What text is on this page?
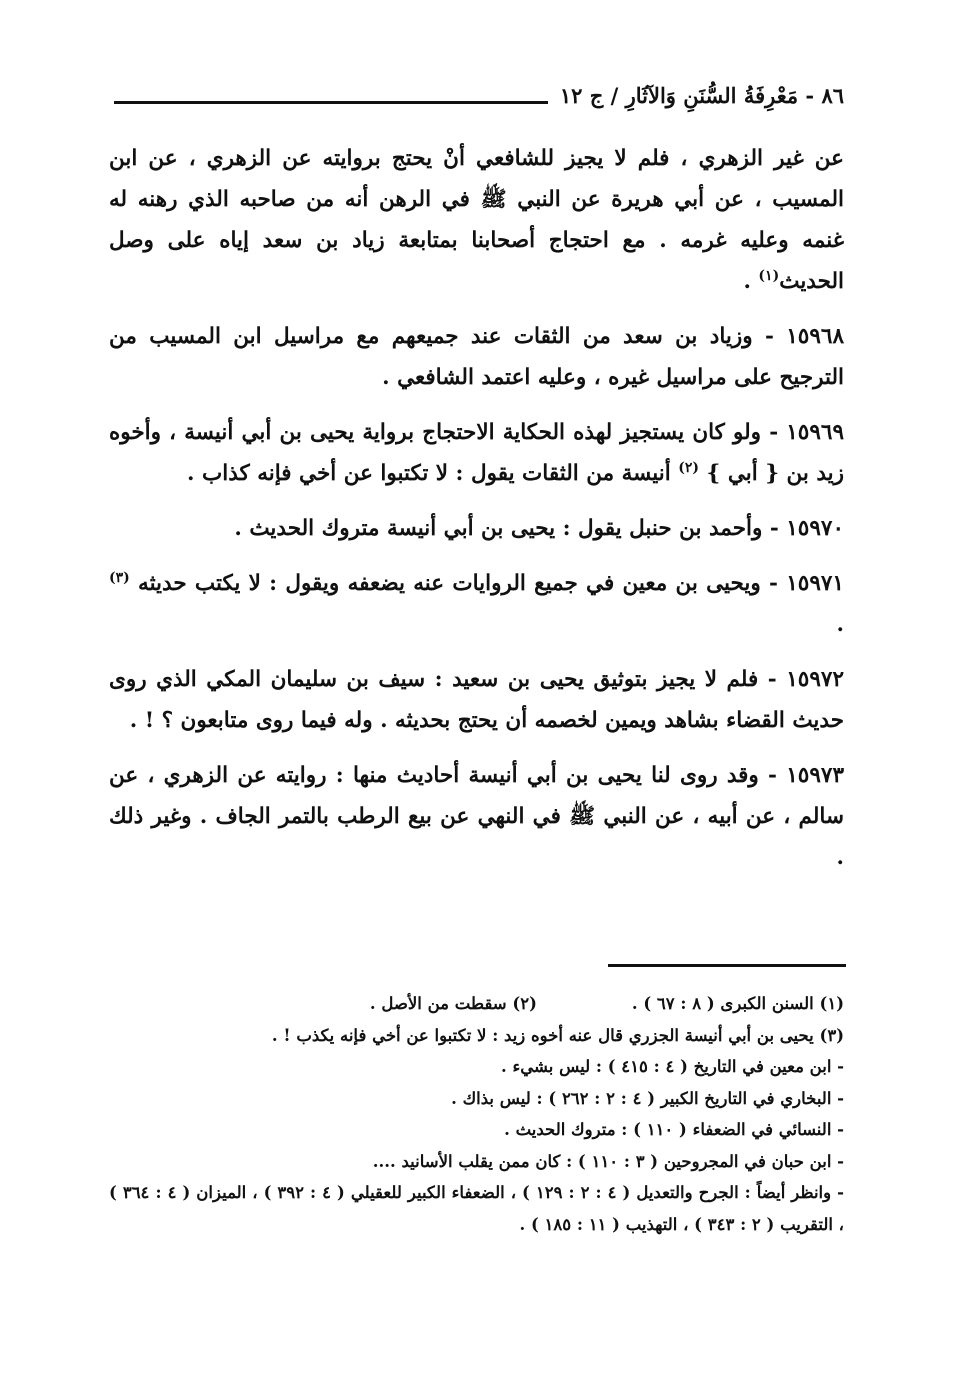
٨٦ - مَعْرِفَةُ السُّنَنِ وَالآثَارِ / ج ١٢

عن غير الزهري ، فلم لا يجيز للشافعي أنْ يحتج بروايته عن الزهري ، عن ابن المسيب ، عن أبي هريرة عن النبي ﷺ في الرهن أنه من صاحبه الذي رهنه له غنمه وعليه غرمه . مع احتجاج أصحابنا بمتابعة زياد بن سعد إياه على وصل الحديث$^{(١)}$ .

١٥٩٦٨ - وزياد بن سعد من الثقات عند جميعهم مع مراسيل ابن المسيب من الترجيح على مراسيل غيره ، وعليه اعتمد الشافعي .

١٥٩٦٩ - ولو كان يستجيز لهذه الحكاية الاحتجاج برواية يحيى بن أبي أنيسة ، وأخوه زيد بن { أبي } $^{(٢)}$ أنيسة من الثقات يقول : لا تكتبوا عن أخي فإنه كذاب .

١٥٩٧٠ - وأحمد بن حنبل يقول : يحيى بن أبي أنيسة متروك الحديث .

١٥٩٧١ - ويحيى بن معين في جميع الروايات عنه يضعفه ويقول : لا يكتب حديثه $^{(٣)}$ .

١٥٩٧٢ - فلم لا يجيز بتوثيق يحيى بن سعيد : سيف بن سليمان المكي الذي روى حديث القضاء بشاهد ويمين لخصمه أن يحتج بحديثه . وله فيما روى متابعون ؟ ! .

١٥٩٧٣ - وقد روى لنا يحيى بن أبي أنيسة أحاديث منها : روايته عن الزهري ، عن سالم ، عن أبيه ، عن النبي ﷺ في النهي عن بيع الرطب بالتمر الجاف . وغير ذلك .

(١) السنن الكبرى ( ٨ : ٦٧ ) .
(٢) سقطت من الأصل .
(٣) يحيى بن أبي أنيسة الجزري قال عنه أخوه زيد : لا تكتبوا عن أخي فإنه يكذب ! .
- ابن معين في التاريخ ( ٤ : ٤١٥ ) : ليس بشيء .
- البخاري في التاريخ الكبير ( ٤ : ٢ : ٢٦٢ ) : ليس بذاك .
- النسائي في الضعفاء ( ١١٠ ) : متروك الحديث .
- ابن حبان في المجروحين ( ٣ : ١١٠ ) : كان ممن يقلب الأسانيد ....
- وانظر أيضاً : الجرح والتعديل ( ٤ : ٢ : ١٢٩ ) ، الضعفاء الكبير للعقيلي ( ٤ : ٣٩٢ ) ، الميزان ( ٤ : ٣٦٤ ) ، التقريب ( ٢ : ٣٤٣ ) ، التهذيب ( ١١ : ١٨٥ ) .
